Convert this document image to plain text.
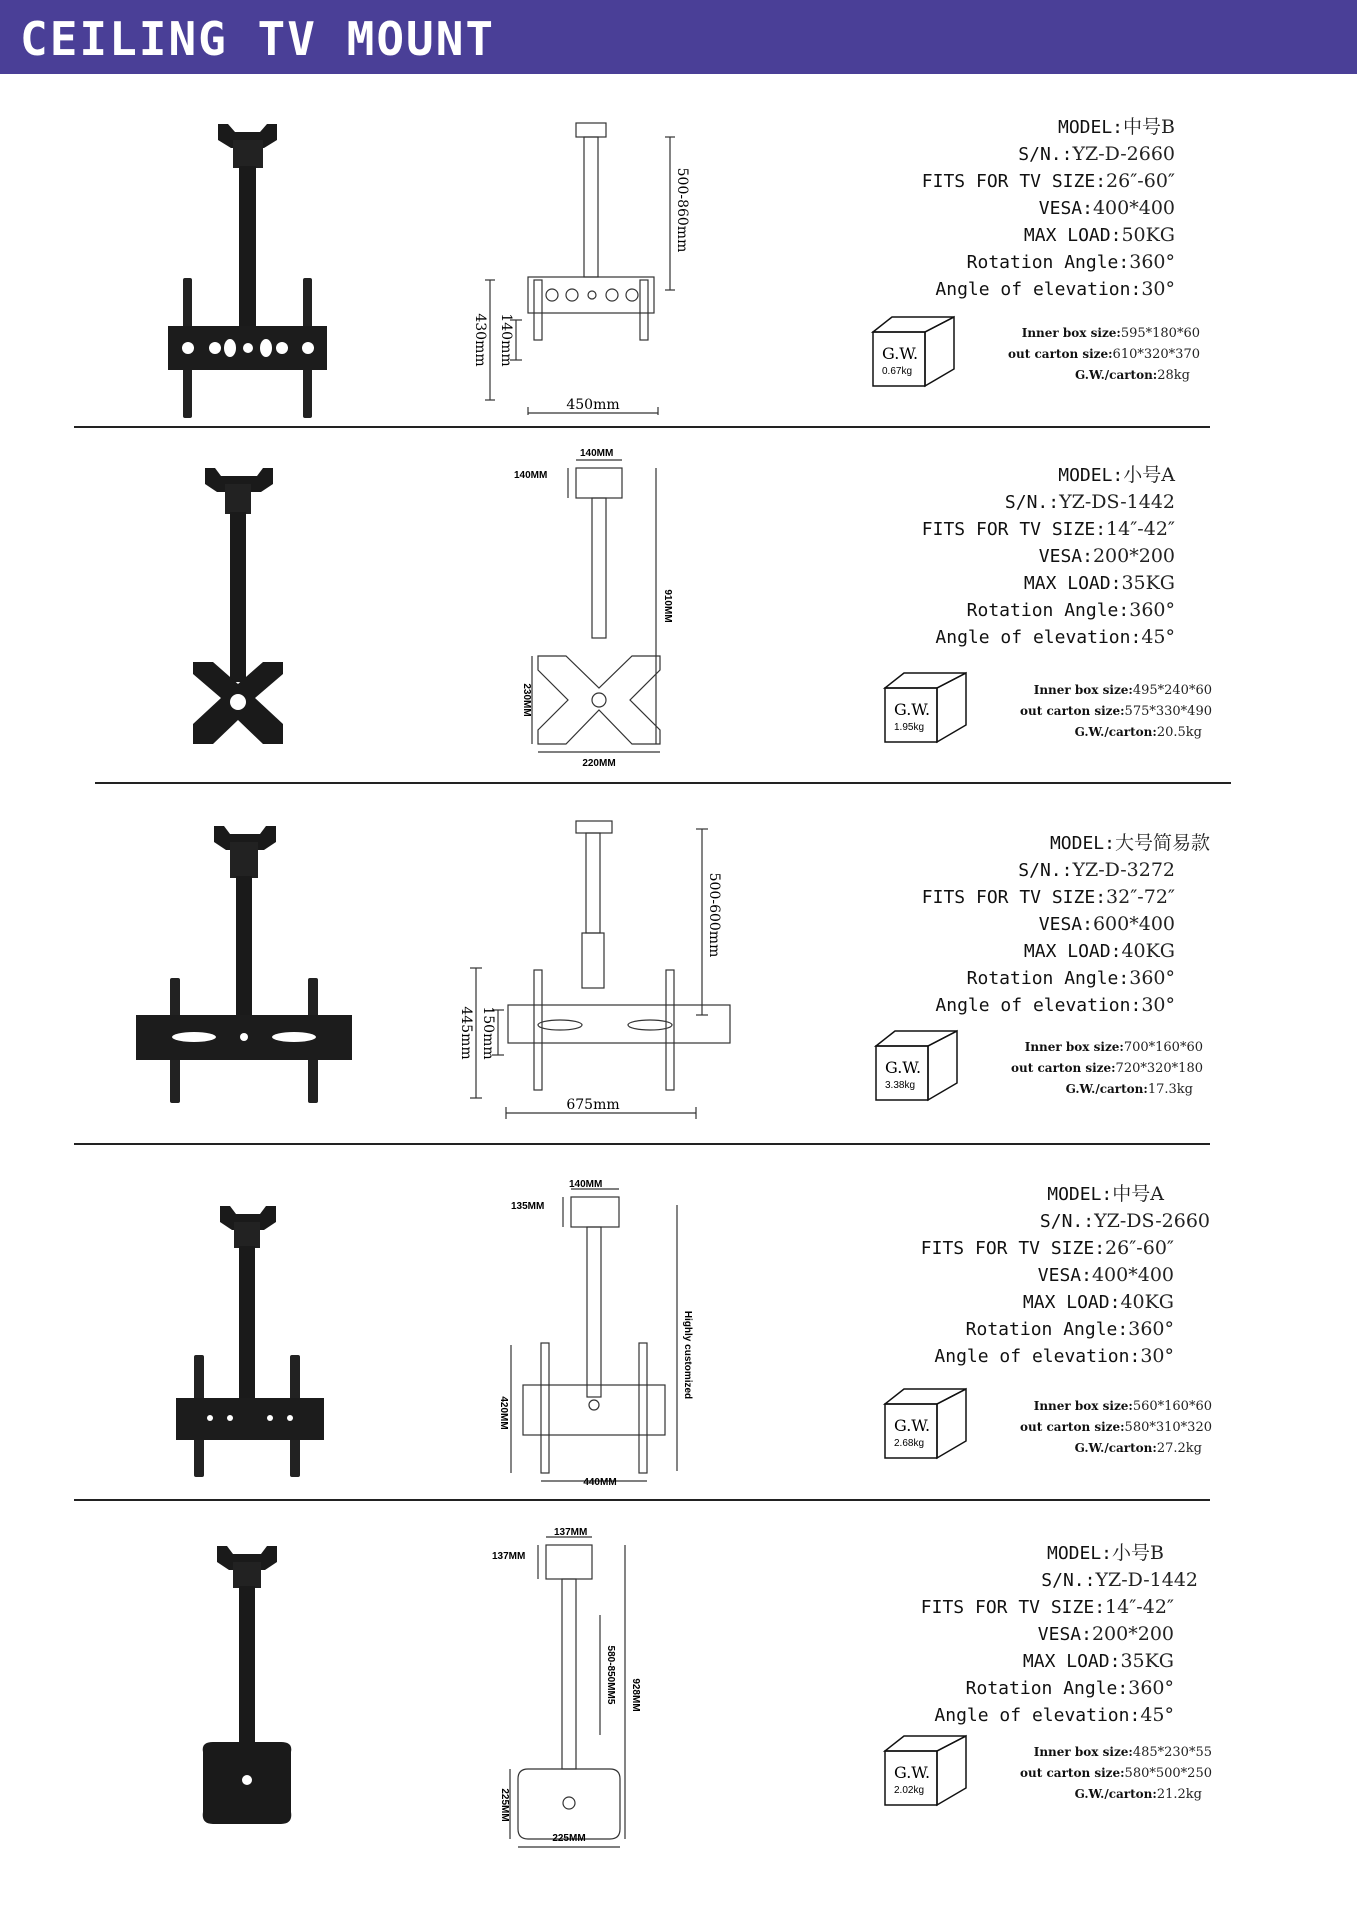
CEILING TV MOUNT
500-860mm
430mm 140mm
450mm
MODEL:中号B
S/N.:YZ-D-2660
FITS FOR TV SIZE:26″-60″
VESA:400*400
MAX LOAD:50KG
Rotation Angle:360°
Angle of elevation:30°
G.W.
0.67kg
Inner box size:595*180*60
out carton size:610*320*370
G.W./carton:28kg
140MM
140MM
910MM
230MM
220MM
MODEL:小号A
S/N.:YZ-DS-1442
FITS FOR TV SIZE:14″-42″
VESA:200*200
MAX LOAD:35KG
Rotation Angle:360°
Angle of elevation:45°
G.W.
1.95kg
Inner box size:495*240*60
out carton size:575*330*490
G.W./carton:20.5kg
500-600mm
445mm 150mm
675mm
MODEL:大号简易款
S/N.:YZ-D-3272
FITS FOR TV SIZE:32″-72″
VESA:600*400
MAX LOAD:40KG
Rotation Angle:360°
Angle of elevation:30°
G.W.
3.38kg
Inner box size:700*160*60
out carton size:720*320*180
G.W./carton:17.3kg
140MM
135MM
Highly customized
420MM
440MM
MODEL:中号A
S/N.:YZ-DS-2660
FITS FOR TV SIZE:26″-60″
VESA:400*400
MAX LOAD:40KG
Rotation Angle:360°
Angle of elevation:30°
G.W.
2.68kg
Inner box size:560*160*60
out carton size:580*310*320
G.W./carton:27.2kg
137MM
137MM
580-850MM5 928MM
225MM
225MM
MODEL:小号B
S/N.:YZ-D-1442
FITS FOR TV SIZE:14″-42″
VESA:200*200
MAX LOAD:35KG
Rotation Angle:360°
Angle of elevation:45°
G.W.
2.02kg
Inner box size:485*230*55
out carton size:580*500*250
G.W./carton:21.2kg
